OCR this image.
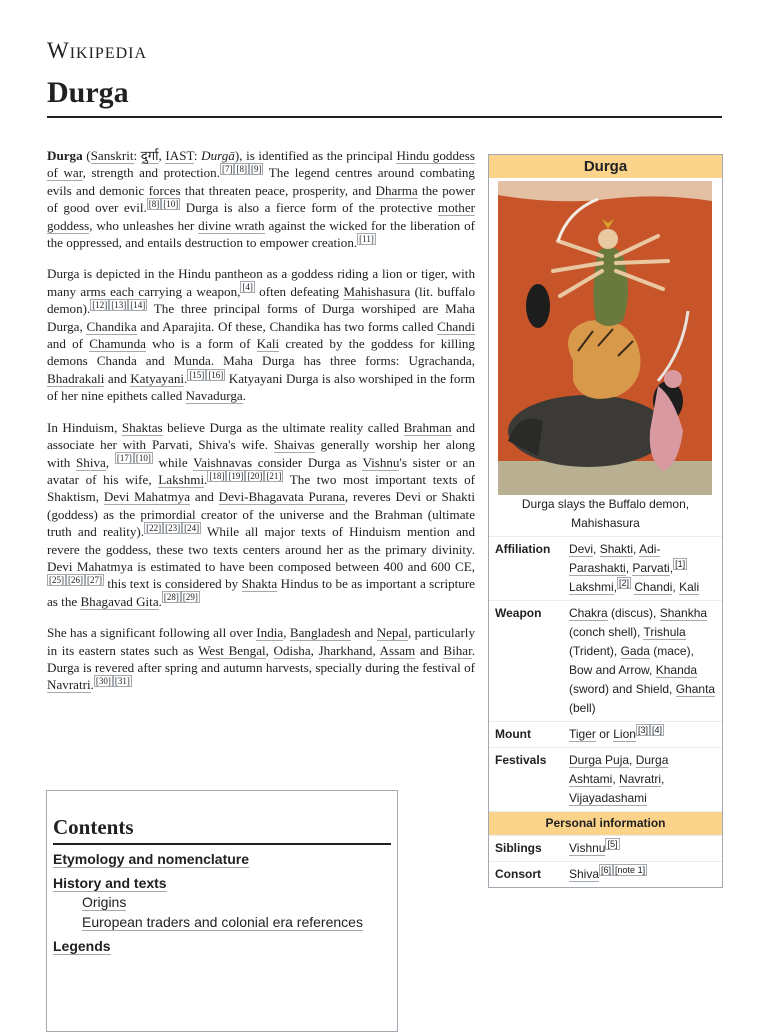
Wikipedia
Durga

Durga (Sanskrit: दुर्गा, IAST: Durgā), is identified as the principal Hindu goddess of war, strength and protection. [7] [8] [9] The legend centres around combating evils and demonic forces that threaten peace, prosperity, and Dharma the power of good over evil. [8] [10] Durga is also a fierce form of the protective mother goddess, who unleashes her divine wrath against the wicked for the liberation of the oppressed, and entails destruction to empower creation. [11]

Durga is depicted in the Hindu pantheon as a goddess riding a lion or tiger, with many arms each carrying a weapon, [4] often defeating Mahishasura (lit. buffalo demon). [12] [13] [14] The three principal forms of Durga worshiped are Maha Durga, Chandika and Aparajita. Of these, Chandika has two forms called Chandi and of Chamunda who is a form of Kali created by the goddess for killing demons Chanda and Munda. Maha Durga has three forms: Ugrachanda, Bhadrakali and Katyayani. [15] [16] Katyayani Durga is also worshiped in the form of her nine epithets called Navadurga.

In Hinduism, Shaktas believe Durga as the ultimate reality called Brahman and associate her with Parvati, Shiva's wife. Shaivas generally worship her along with Shiva, [17] [10] while Vaishnavas consider Durga as Vishnu's sister or an avatar of his wife, Lakshmi. [18] [19] [20] [21] The two most important texts of Shaktism, Devi Mahatmya and Devi-Bhagavata Purana, reveres Devi or Shakti (goddess) as the primordial creator of the universe and the Brahman (ultimate truth and reality). [22] [23] [24] While all major texts of Hinduism mention and revere the goddess, these two texts centers around her as the primary divinity. Devi Mahatmya is estimated to have been composed between 400 and 600 CE,[25] [26] [27] this text is considered by Shakta Hindus to be as important a scripture as the Bhagavad Gita. [28] [29]

She has a significant following all over India, Bangladesh and Nepal, particularly in its eastern states such as West Bengal, Odisha, Jharkhand, Assam and Bihar. Durga is revered after spring and autumn harvests, specially during the festival of Navratri. [30] [31]

Durga
Durga slays the Buffalo demon, Mahishasura
Affiliation	Devi, Shakti, Adi-Parashakti, Parvati, [1] Lakshmi, [2] Chandi, Kali
Weapon	Chakra (discus), Shankha (conch shell), Trishula (Trident), Gada (mace), Bow and Arrow, Khanda (sword) and Shield, Ghanta (bell)
Mount	Tiger or Lion [3] [4]
Festivals	Durga Puja, Durga Ashtami, Navratri, Vijayadashami
Personal information
Siblings	Vishnu [5]
Consort	Shiva [6] [note 1]
Contents
Etymology and nomenclature
History and texts
Origins
European traders and colonial era references
Legends
